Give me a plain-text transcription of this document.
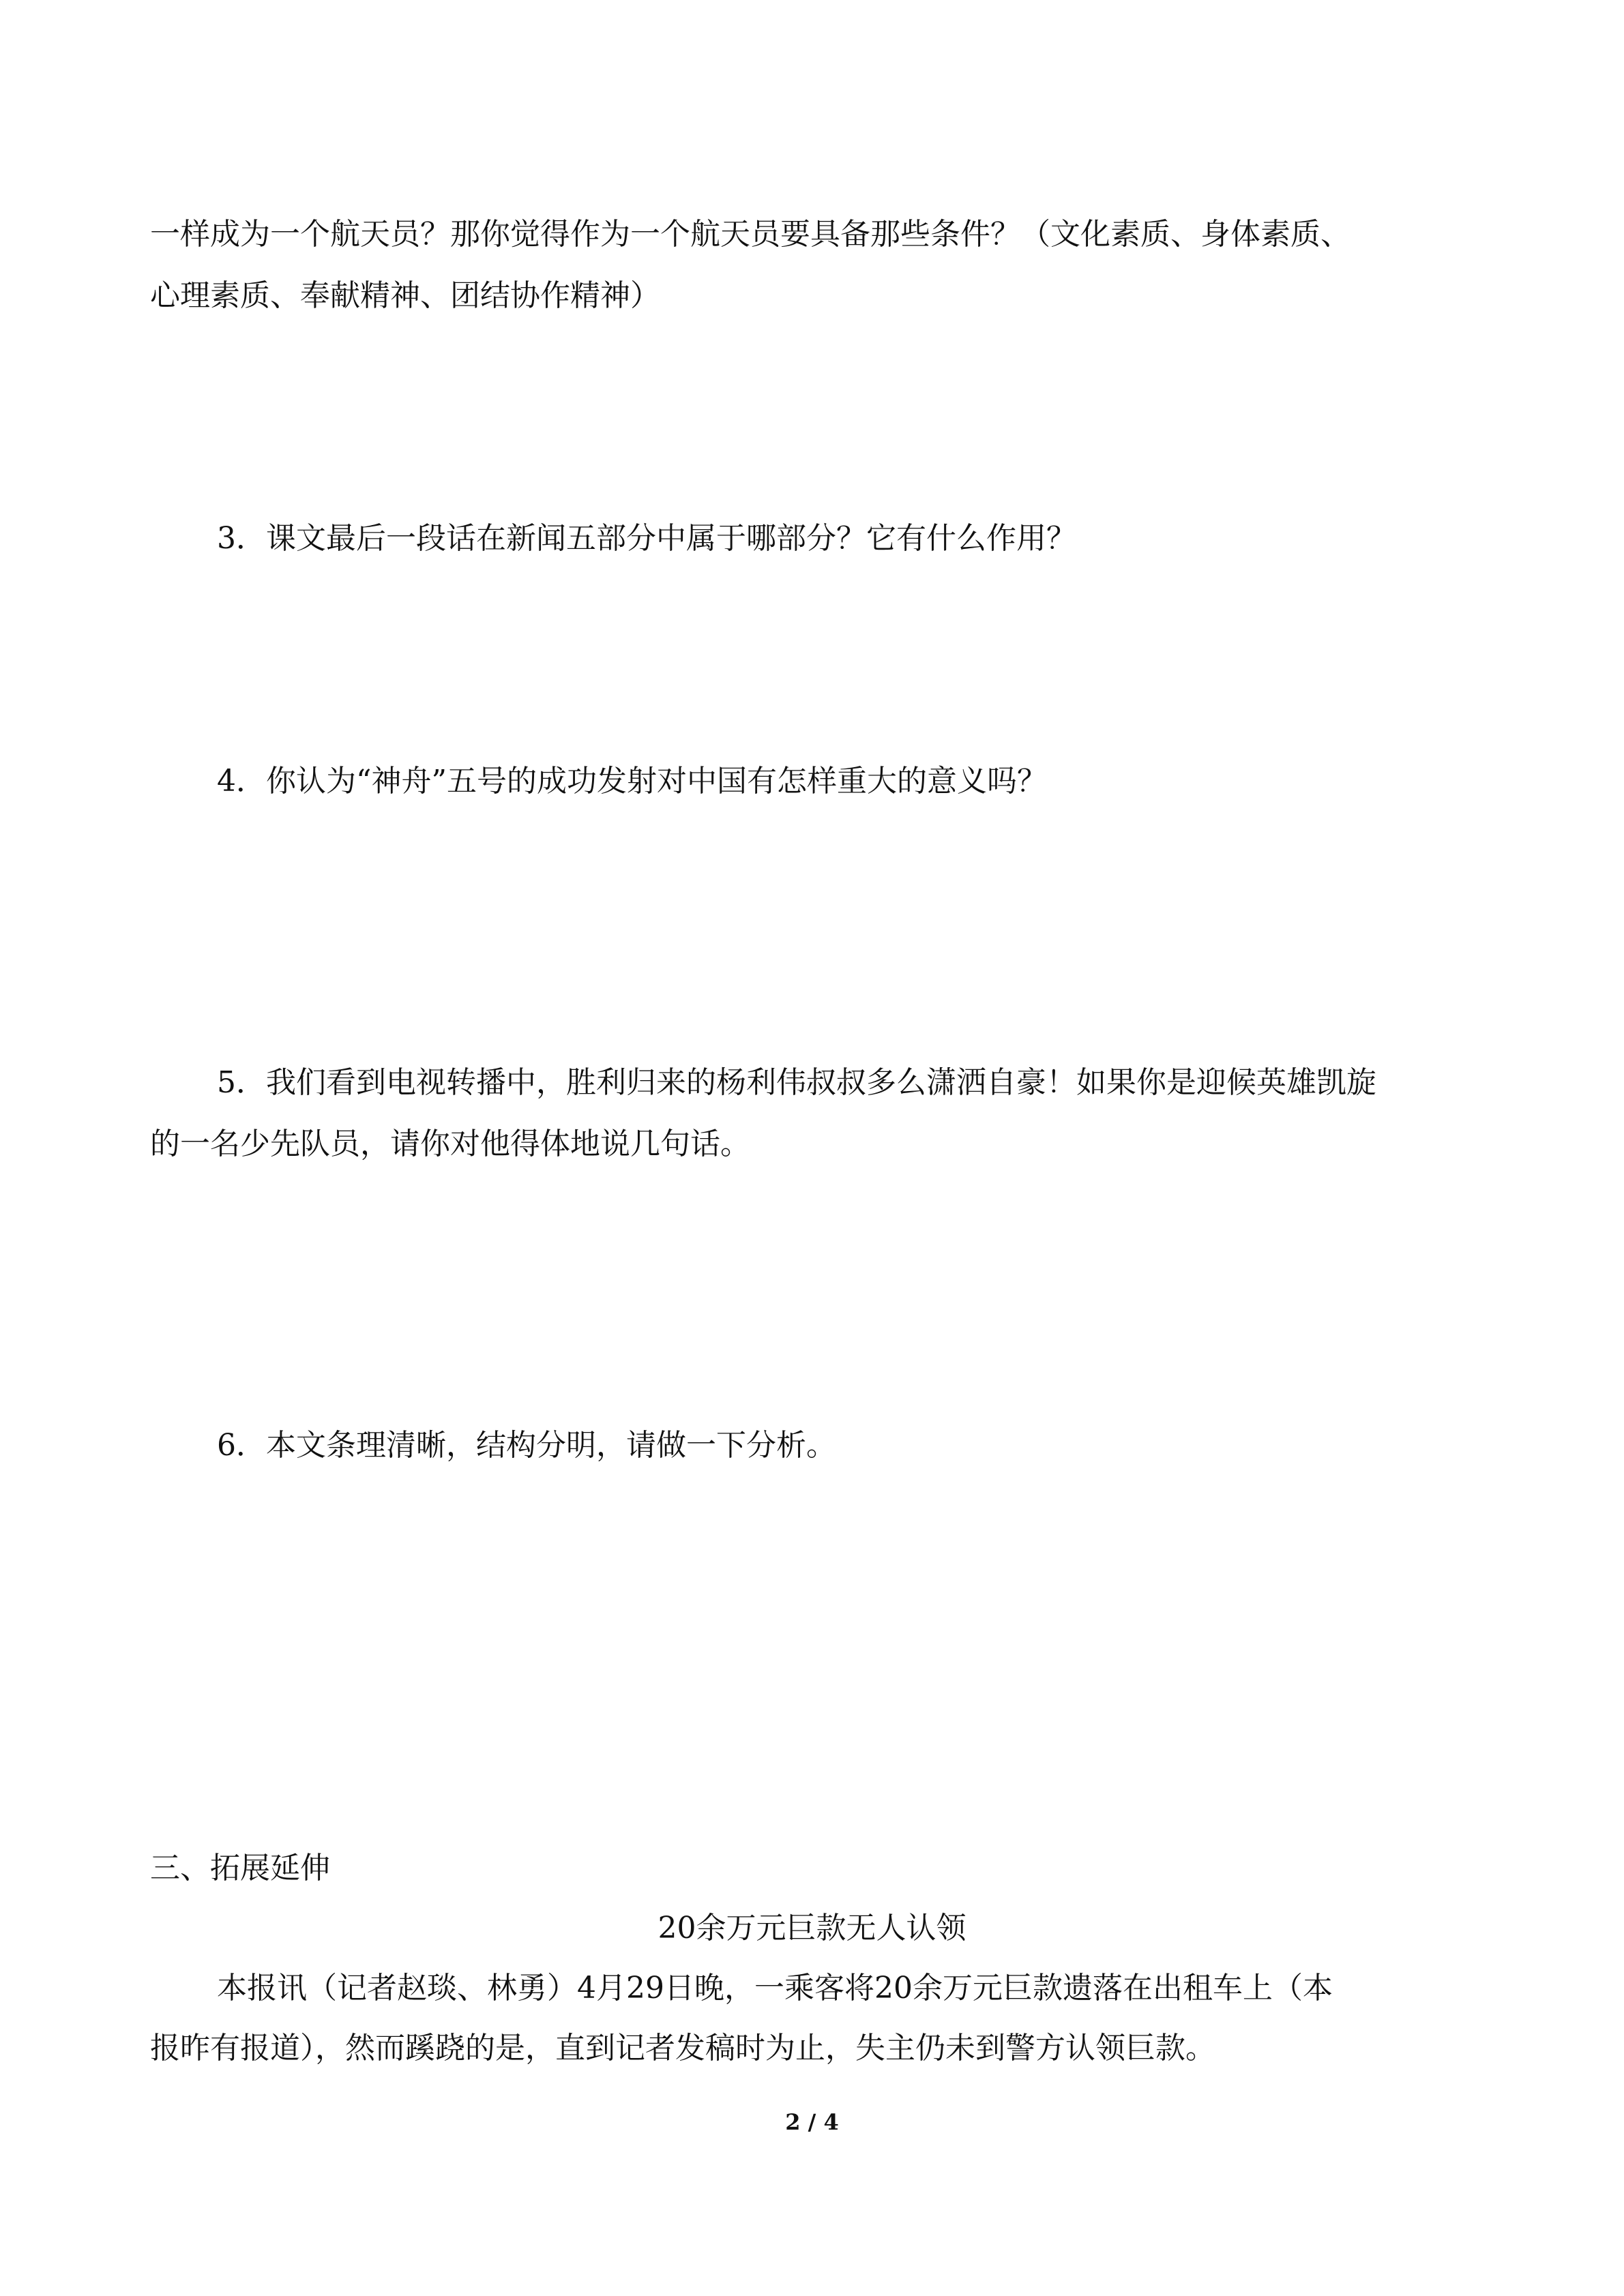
一样成为一个航天员？那你觉得作为一个航天员要具备那些条件？（文化素质、身体素质、

心理素质、奉献精神、团结协作精神）

3．课文最后一段话在新闻五部分中属于哪部分？它有什么作用？

4．你认为“神舟”五号的成功发射对中国有怎样重大的意义吗？

5．我们看到电视转播中，胜利归来的杨利伟叔叔多么潇洒自豪！如果你是迎候英雄凯旋

的一名少先队员，请你对他得体地说几句话。

6．本文条理清晰，结构分明，请做一下分析。

三、拓展延伸

20余万元巨款无人认领

本报讯（记者赵琰、林勇）4月29日晚，一乘客将20余万元巨款遗落在出租车上（本

报昨有报道），然而蹊跷的是，直到记者发稿时为止，失主仍未到警方认领巨款。

2 / 4
